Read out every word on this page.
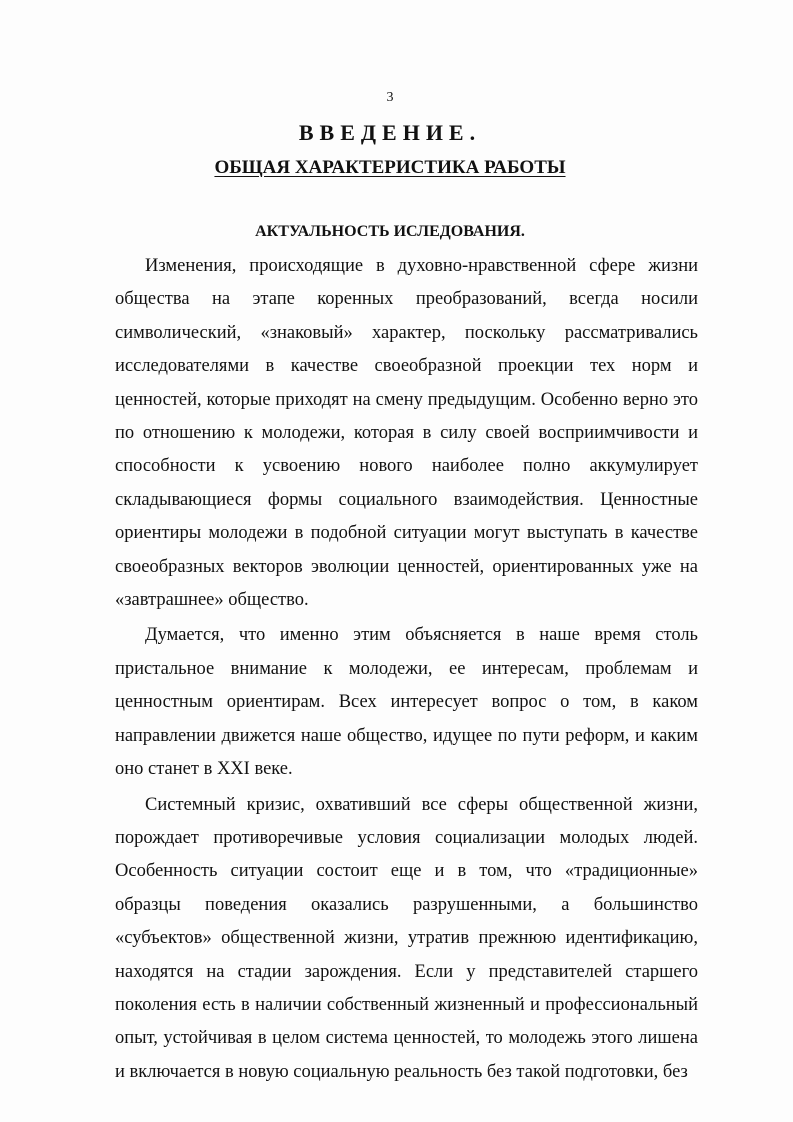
3
ВВЕДЕНИЕ.
ОБЩАЯ ХАРАКТЕРИСТИКА РАБОТЫ
АКТУАЛЬНОСТЬ ИСЛЕДОВАНИЯ.

Изменения, происходящие в духовно-нравственной сфере жизни общества на этапе коренных преобразований, всегда носили символический, «знаковый» характер, поскольку рассматривались исследователями в качестве своеобразной проекции тех норм и ценностей, которые приходят на смену предыдущим. Особенно верно это по отношению к молодежи, которая в силу своей восприимчивости и способности к усвоению нового наиболее полно аккумулирует складывающиеся формы социального взаимодействия. Ценностные ориентиры молодежи в подобной ситуации могут выступать в качестве своеобразных векторов эволюции ценностей, ориентированных уже на «завтрашнее» общество.

Думается, что именно этим объясняется в наше время столь пристальное внимание к молодежи, ее интересам, проблемам и ценностным ориентирам. Всех интересует вопрос о том, в каком направлении движется наше общество, идущее по пути реформ, и каким оно станет в XXI веке.

Системный кризис, охвативший все сферы общественной жизни, порождает противоречивые условия социализации молодых людей. Особенность ситуации состоит еще и в том, что «традиционные» образцы поведения оказались разрушенными, а большинство «субъектов» общественной жизни, утратив прежнюю идентификацию, находятся на стадии зарождения. Если у представителей старшего поколения есть в наличии собственный жизненный и профессиональный опыт, устойчивая в целом система ценностей, то молодежь этого лишена и включается в новую социальную реальность без такой подготовки, без
